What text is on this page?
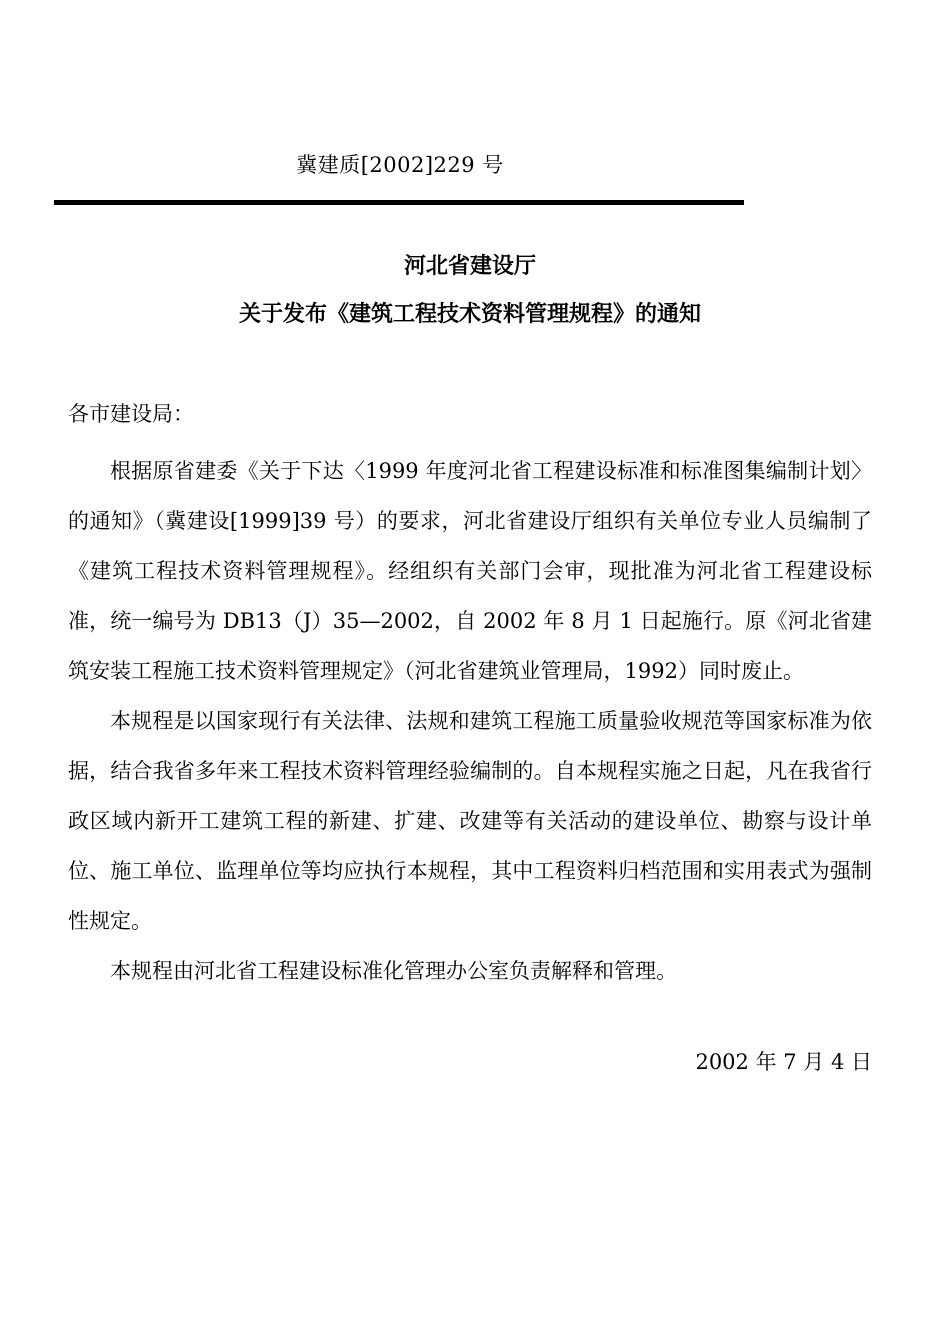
冀建质[2002]229 号
河北省建设厅
关于发布《建筑工程技术资料管理规程》的通知
各市建设局：

根据原省建委《关于下达〈1999 年度河北省工程建设标准和标准图集编制计划〉的通知》（冀建设[1999]39 号）的要求，河北省建设厅组织有关单位专业人员编制了《建筑工程技术资料管理规程》。经组织有关部门会审，现批准为河北省工程建设标准，统一编号为 DB13（J）35—2002，自 2002 年 8 月 1 日起施行。原《河北省建筑安装工程施工技术资料管理规定》（河北省建筑业管理局，1992）同时废止。

本规程是以国家现行有关法律、法规和建筑工程施工质量验收规范等国家标准为依据，结合我省多年来工程技术资料管理经验编制的。自本规程实施之日起，凡在我省行政区域内新开工建筑工程的新建、扩建、改建等有关活动的建设单位、勘察与设计单位、施工单位、监理单位等均应执行本规程，其中工程资料归档范围和实用表式为强制性规定。

本规程由河北省工程建设标准化管理办公室负责解释和管理。

2002 年 7 月 4 日
